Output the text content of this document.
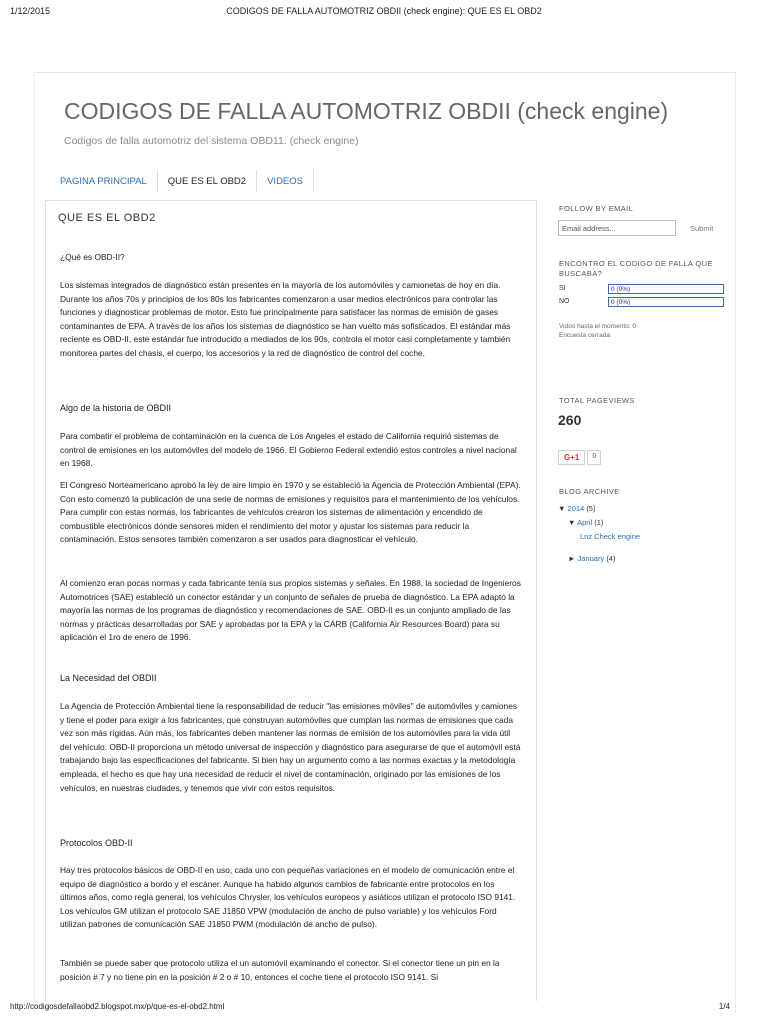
1/12/2015	CODIGOS DE FALLA AUTOMOTRIZ OBDII (check engine): QUE ES EL OBD2
CODIGOS DE FALLA AUTOMOTRIZ OBDII (check engine)
Codigos de falla automotriz del sistema OBD11. (check engine)
PAGINA PRINCIPAL	QUE ES EL OBD2	VIDEOS
QUE ES EL OBD2
¿Qué es OBD-II?
Los sistemas integrados de diagnóstico están presentes en la mayoría de los automóviles y camionetas de hoy en día. Durante los años 70s y principios de los 80s los fabricantes comenzaron a usar medios electrónicos para controlar las funciones y diagnosticar problemas de motor. Esto fue principalmente para satisfacer las normas de emisión de gases contaminantes de EPA. A través de los años los sistemas de diagnóstico se han vuelto más sofisticados. El estándar más reciente es OBD-II, este estándar fue introducido a mediados de los 90s, controla el motor casi completamente y también monitorea partes del chasis, el cuerpo, los accesorios y la red de diagnóstico de control del coche.
Algo de la historia de OBDII
Para combatir el problema de contaminación en la cuenca de Los Angeles el estado de California requirió sistemas de control de emisiones en los automóviles del modelo de 1966. El Gobierno Federal extendió estos controles a nivel nacional en 1968.
El Congreso Norteamericano aprobó la ley de aire limpio en 1970 y se estableció la Agencia de Protección Ambiental (EPA). Con esto comenzó la publicación de una serie de normas de emisiones y requisitos para el mantenimiento de los vehículos. Para cumplir con estas normas, los fabricantes de vehículos crearon los sistemas de alimentación y encendido de combustible electrónicos donde sensores miden el rendimiento del motor y ajustar los sistemas para reducir la contaminación. Estos sensores también comenzaron a ser usados para diagnosticar el vehículo.
Al comienzo eran pocas normas y cada fabricante tenía sus propios sistemas y señales. En 1988, la sociedad de Ingenieros Automotrices (SAE) estableció un conector estándar y un conjunto de señales de prueba de diagnóstico. La EPA adaptó la mayoría las normas de los programas de diagnóstico y recomendaciones de SAE. OBD-II es un conjunto ampliado de las normas y prácticas desarrolladas por SAE y aprobadas por la EPA y la CARB (California Air Resources Board) para su aplicación el 1ro de enero de 1996.
La Necesidad del OBDII
La Agencia de Protección Ambiental tiene la responsabilidad de reducir "las emisiones móviles" de automóviles y camiones y tiene el poder para exigir a los fabricantes, que construyan automóviles que cumplan las normas de emisiones que cada vez son más rígidas. Aún más, los fabricantes deben mantener las normas de emisión de los automóviles para la vida útil del vehículo. OBD-II proporciona un método universal de inspección y diagnóstico para asegurarse de que el automóvil está trabajando bajo las especificaciones del fabricante. Si bien hay un argumento como a las normas exactas y la metodología empleada, el hecho es que hay una necesidad de reducir el nivel de contaminación, originado por las emisiones de los vehículos, en nuestras ciudades, y tenemos que vivir con estos requisitos.
Protocolos OBD-II
Hay tres protocolos básicos de OBD-II en uso, cada uno con pequeñas variaciones en el modelo de comunicación entre el equipo de diagnóstico a bordo y el escáner. Aunque ha habido algunos cambios de fabricante entre protocolos en los últimos años, como regla general, los vehículos Chrysler, los vehículos europeos y asiáticos utilizan el protocolo ISO 9141. Los vehículos GM utilizan el protocolo SAE J1850 VPW (modulación de ancho de pulso variable) y los vehículos Ford utilizan patrones de comunicación SAE J1850 PWM (modulación de ancho de pulso).
También se puede saber que protocolo utiliza el un automóvil examinando el conector. Si el conector tiene un pin en la posición # 7 y no tiene pin en la posición # 2 o # 10, entonces el coche tiene el protocolo ISO 9141. Si
FOLLOW BY EMAIL
Email address...	Submit
ENCONTRO EL CODIGO DE FALLA QUE BUSCABA?
SI	0 (0%)
NO	0 (0%)
Votos hasta el momento: 0
Encuesta cerrada
TOTAL PAGEVIEWS
260
G+1	0
BLOG ARCHIVE
▼ 2014 (5)
▼ April (1)
Lnz Check engine
► January (4)
http://codigosdefallaobd2.blogspot.mx/p/que-es-el-obd2.html	1/4
